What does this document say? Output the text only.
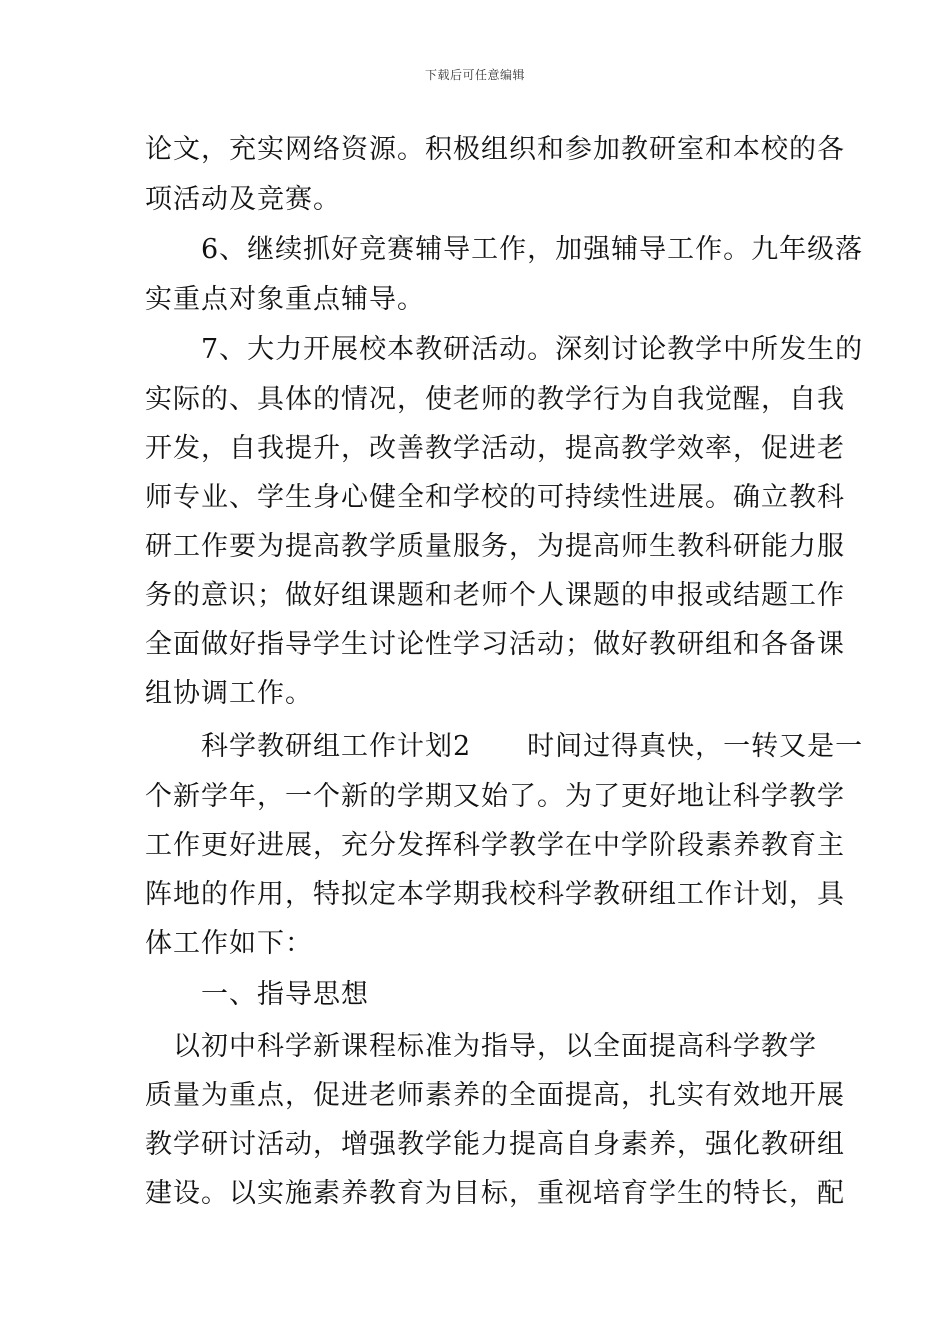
下载后可任意编辑
论文，充实网络资源。积极组织和参加教研室和本校的各
项活动及竞赛。
　　6、继续抓好竞赛辅导工作，加强辅导工作。九年级落
实重点对象重点辅导。
　　7、大力开展校本教研活动。深刻讨论教学中所发生的
实际的、具体的情况，使老师的教学行为自我觉醒，自我
开发，自我提升，改善教学活动，提高教学效率，促进老
师专业、学生身心健全和学校的可持续性进展。确立教科
研工作要为提高教学质量服务，为提高师生教科研能力服
务的意识；做好组课题和老师个人课题的申报或结题工作
全面做好指导学生讨论性学习活动；做好教研组和各备课
组协调工作。
　　科学教研组工作计划2　　时间过得真快，一转又是一
个新学年，一个新的学期又始了。为了更好地让科学教学
工作更好进展，充分发挥科学教学在中学阶段素养教育主
阵地的作用，特拟定本学期我校科学教研组工作计划，具
体工作如下：
　　一、指导思想
　以初中科学新课程标准为指导，以全面提高科学教学
质量为重点，促进老师素养的全面提高，扎实有效地开展
教学研讨活动，增强教学能力提高自身素养，强化教研组
建设。以实施素养教育为目标，重视培育学生的特长，配
